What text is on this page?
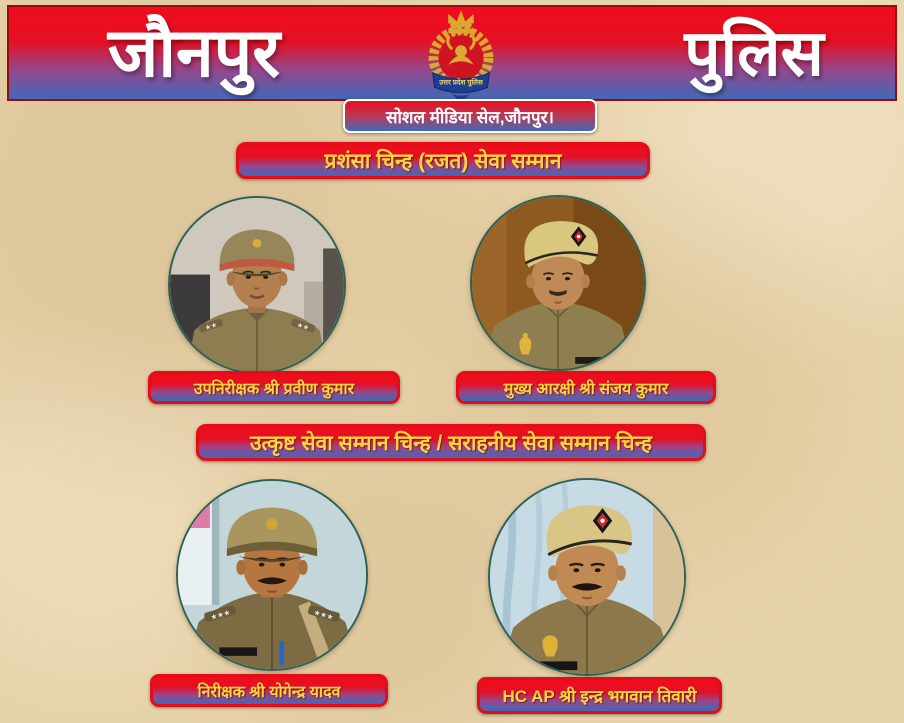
जौनपुर	पुलिस
उत्तर प्रदेश पुलिस
सोशल मीडिया सेल,जौनपुर।
प्रशंसा चिन्ह (रजत) सेवा सम्मान
★★	★★
उपनिरीक्षक श्री प्रवीण कुमार	मुख्य आरक्षी श्री संजय कुमार
उत्कृष्ट सेवा सम्मान चिन्ह / सराहनीय सेवा सम्मान चिन्ह
★★★	★★★
निरीक्षक श्री योगेन्द्र यादव	HC AP श्री इन्द्र भगवान तिवारी
